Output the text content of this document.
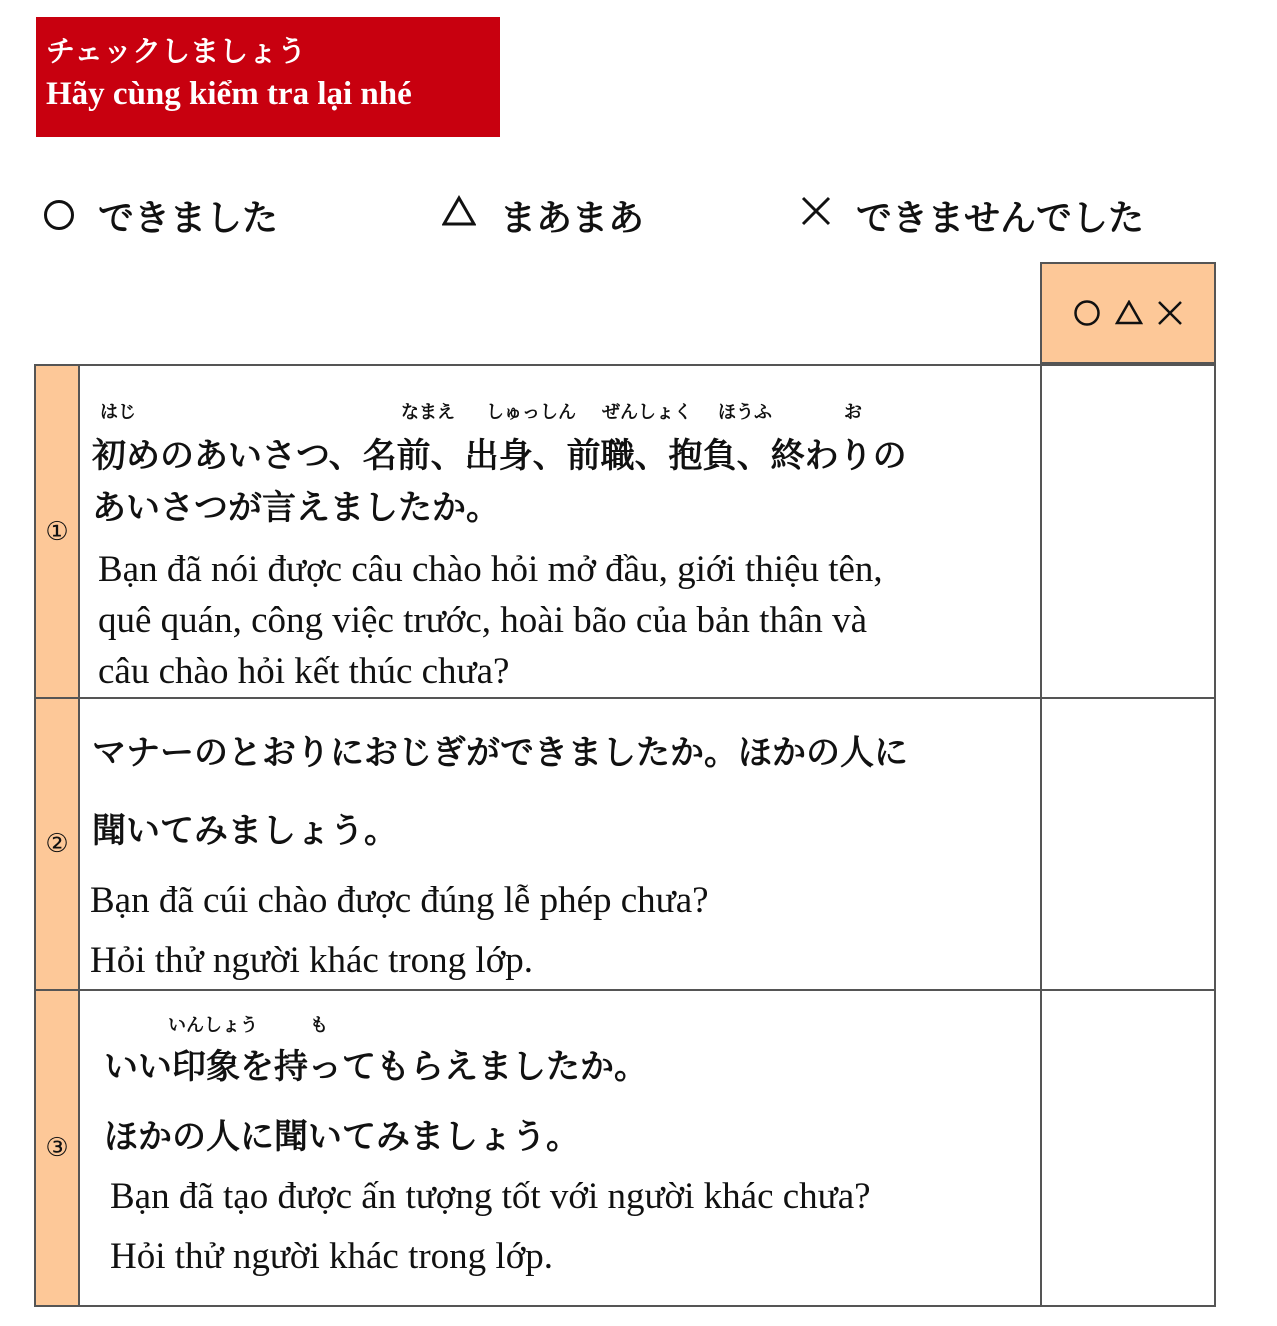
チェックしましょう
Hãy cùng kiểm tra lại nhé
できました	まあまあ	できませんでした
①
はじ	なまえ しゅっしん ぜんしょく ほうふ	お
初めのあいさつ、名前、出身、前職、抱負、終わりの
あいさつが言えましたか。
Bạn đã nói được câu chào hỏi mở đầu, giới thiệu tên,
quê quán, công việc trước, hoài bão của bản thân và
câu chào hỏi kết thúc chưa?
②
マナーのとおりにおじぎができましたか。ほかの人に
聞いてみましょう。
Bạn đã cúi chào được đúng lễ phép chưa?
Hỏi thử người khác trong lớp.
③
いんしょう	も
いい印象を持ってもらえましたか。
ほかの人に聞いてみましょう。
Bạn đã tạo được ấn tượng tốt với người khác chưa?
Hỏi thử người khác trong lớp.
